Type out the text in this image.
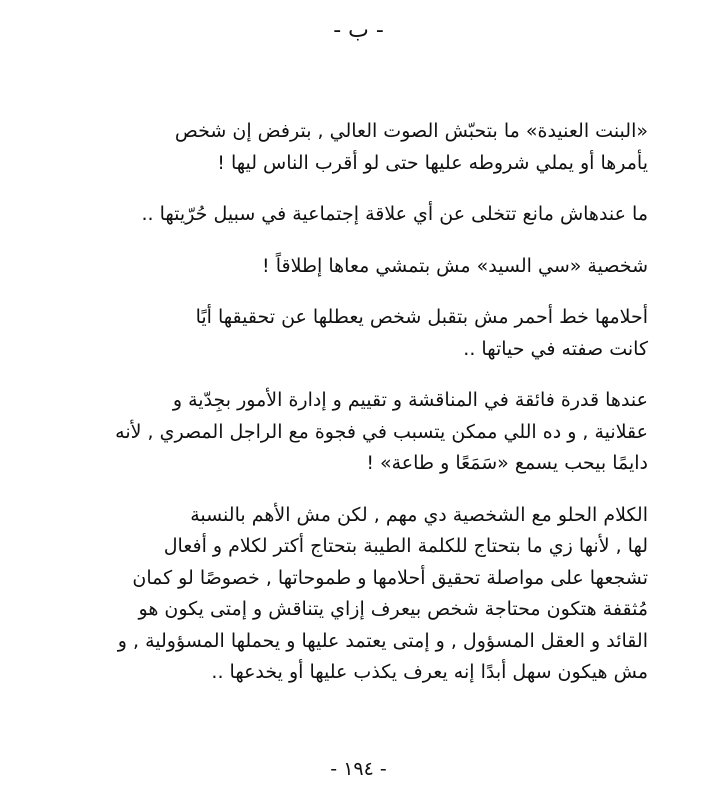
- ب -

«البنت العنيدة» ما بتحبّش الصوت العالي , بترفض إن شخص
يأمرها أو يملي شروطه عليها حتى لو أقرب الناس ليها !

ما عندهاش مانع تتخلى عن أي علاقة إجتماعية في سبيل حُرّيتها ..

شخصية «سي السيد» مش بتمشي معاها إطلاقاً !

أحلامها خط أحمر مش بتقبل شخص يعطلها عن تحقيقها أيًا
كانت صفته في حياتها ..

عندها قدرة فائقة في المناقشة و تقييم و إدارة الأمور بجِدّية و
عقلانية , و ده اللي ممكن يتسبب في فجوة مع الراجل المصري , لأنه
دايمًا بيحب يسمع «سَمَعًا و طاعة» !

الكلام الحلو مع الشخصية دي مهم , لكن مش الأهم بالنسبة
لها , لأنها زي ما بتحتاج للكلمة الطيبة بتحتاج أكتر لكلام و أفعال
تشجعها على مواصلة تحقيق أحلامها و طموحاتها , خصوصًا لو كمان
مُثقفة هتكون محتاجة شخص بيعرف إزاي يتناقش و إمتى يكون هو
القائد و العقل المسؤول , و إمتى يعتمد عليها و يحملها المسؤولية , و
مش هيكون سهل أبدًا إنه يعرف يكذب عليها أو يخدعها ..

- ١٩٤ -
